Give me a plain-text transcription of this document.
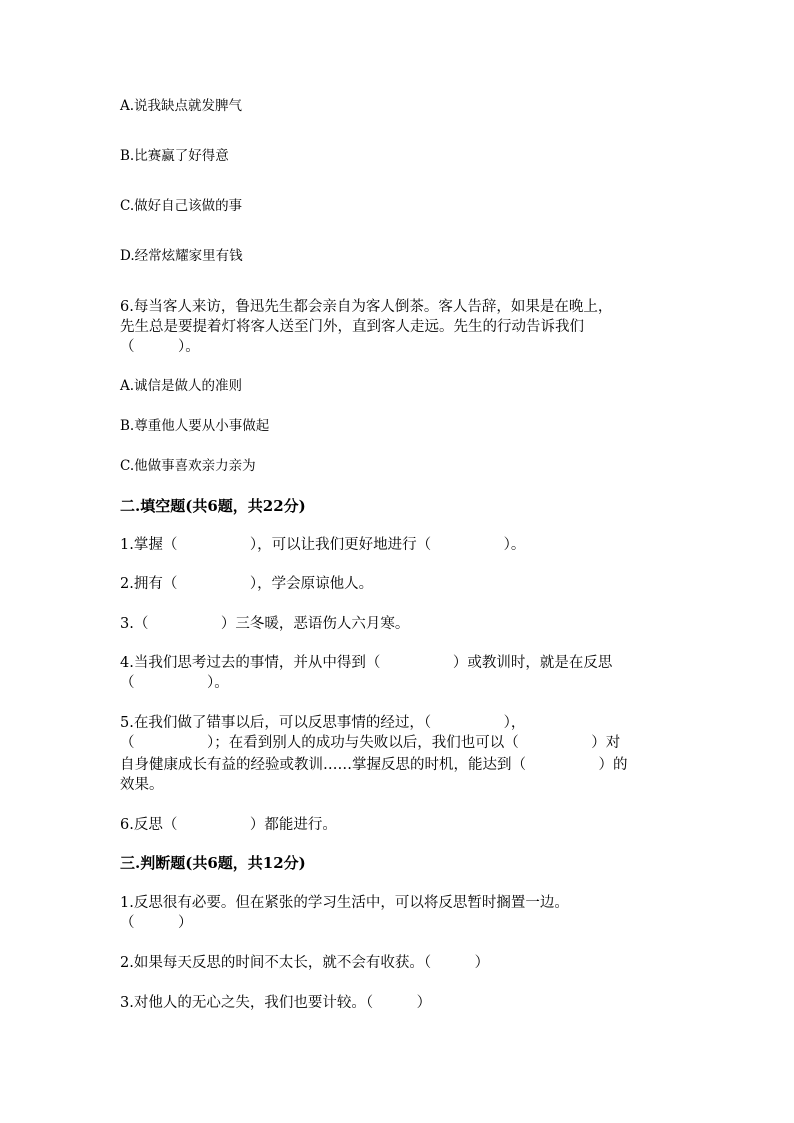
A.说我缺点就发脾气

B.比赛赢了好得意

C.做好自己该做的事

D.经常炫耀家里有钱

6.每当客人来访，鲁迅先生都会亲自为客人倒茶。客人告辞，如果是在晚上，

先生总是要提着灯将客人送至门外，直到客人走远。先生的行动告诉我们

（　　　）。

A.诚信是做人的准则

B.尊重他人要从小事做起

C.他做事喜欢亲力亲为

二.填空题(共6题，共22分)

1.掌握（　　　　　），可以让我们更好地进行（　　　　　）。

2.拥有（　　　　　），学会原谅他人。

3.（　　　　　）三冬暖，恶语伤人六月寒。

4.当我们思考过去的事情，并从中得到（　　　　　）或教训时，就是在反思

（　　　　　）。

5.在我们做了错事以后，可以反思事情的经过，（　　　　　），

（　　　　　）；在看到别人的成功与失败以后，我们也可以（　　　　　）对

自身健康成长有益的经验或教训……掌握反思的时机，能达到（　　　　　）的

效果。

6.反思（　　　　　）都能进行。

三.判断题(共6题，共12分)

1.反思很有必要。但在紧张的学习生活中，可以将反思暂时搁置一边。

（　　　）

2.如果每天反思的时间不太长，就不会有收获。（　　　）

3.对他人的无心之失，我们也要计较。（　　　）
